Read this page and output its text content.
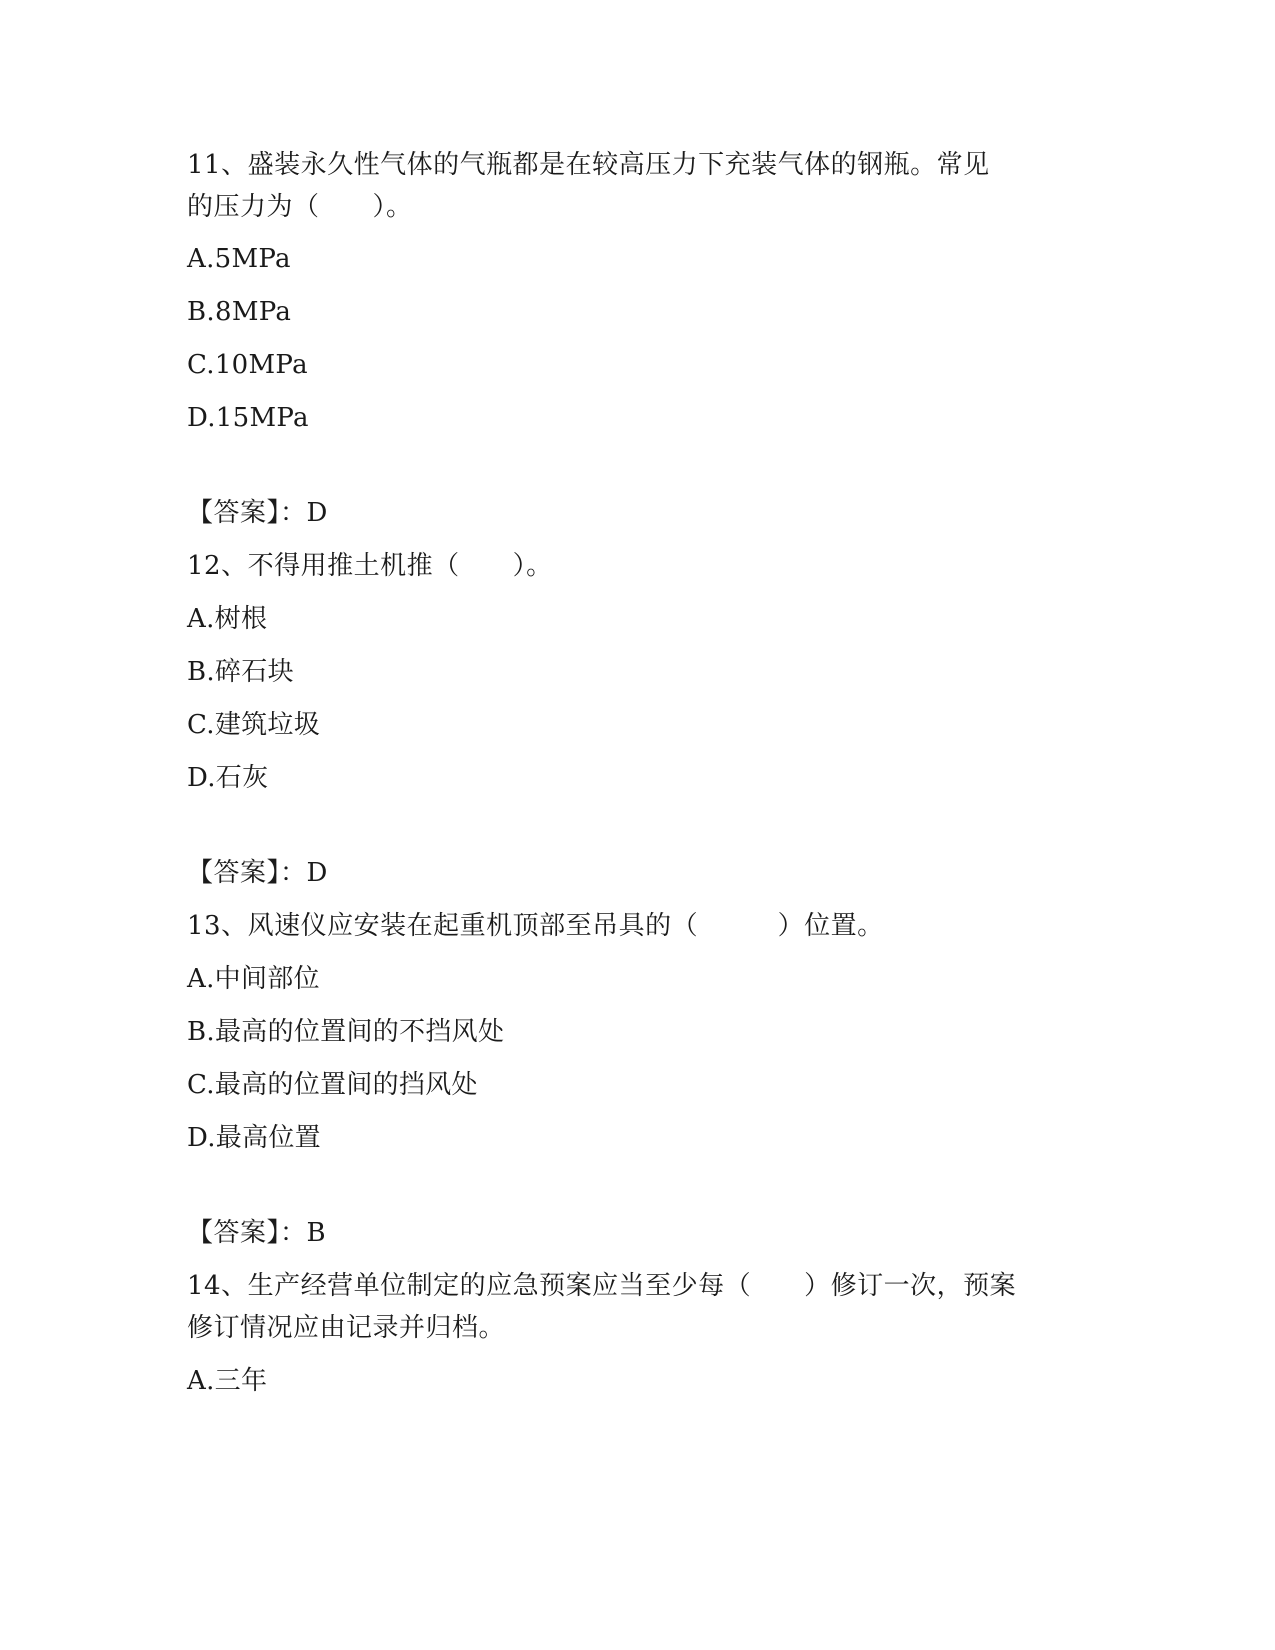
11、盛装永久性气体的气瓶都是在较高压力下充装气体的钢瓶。常见
的压力为（　　）。
A.5MPa
B.8MPa
C.10MPa
D.15MPa
【答案】：D
12、不得用推土机推（　　）。
A.树根
B.碎石块
C.建筑垃圾
D.石灰
【答案】：D
13、风速仪应安装在起重机顶部至吊具的（　　　）位置。
A.中间部位
B.最高的位置间的不挡风处
C.最高的位置间的挡风处
D.最高位置
【答案】：B
14、生产经营单位制定的应急预案应当至少每（　　）修订一次，预案
修订情况应由记录并归档。
A.三年
